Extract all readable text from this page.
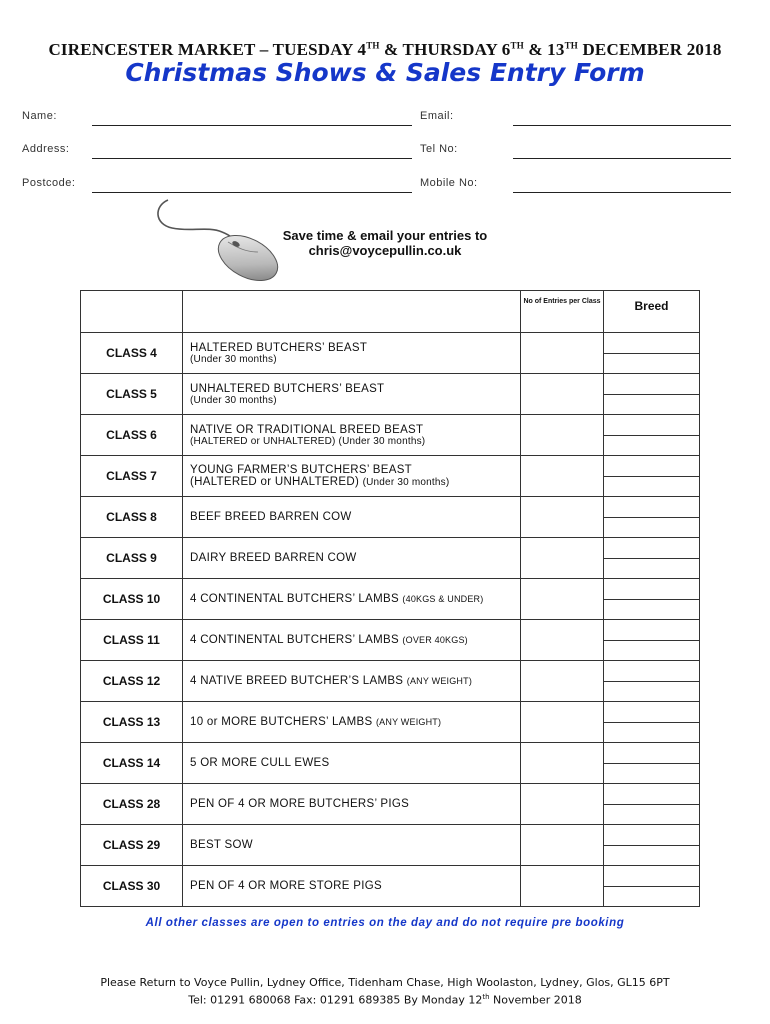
CIRENCESTER MARKET – TUESDAY 4TH & THURSDAY 6TH & 13TH DECEMBER 2018
Christmas Shows & Sales Entry Form
Name:	Email:
Address:	Tel No:
Postcode:	Mobile No:
Save time & email your entries to
chris@voycepullin.co.uk
		No of Entries per Class	Breed
CLASS 4	HALTERED BUTCHERS’ BEAST
(Under 30 months)		

CLASS 5	UNHALTERED BUTCHERS’ BEAST
(Under 30 months)		

CLASS 6	NATIVE OR TRADITIONAL BREED BEAST
(HALTERED or UNHALTERED) (Under 30 months)		

CLASS 7	YOUNG FARMER’S BUTCHERS’ BEAST
(HALTERED or UNHALTERED) (Under 30 months)		

CLASS 8	BEEF BREED BARREN COW		

CLASS 9	DAIRY BREED BARREN COW		

CLASS 10	4 CONTINENTAL BUTCHERS’ LAMBS (40KGS & UNDER)		

CLASS 11	4 CONTINENTAL BUTCHERS’ LAMBS (OVER 40KGS)		

CLASS 12	4 NATIVE BREED BUTCHER’S LAMBS (ANY WEIGHT)		

CLASS 13	10 or MORE BUTCHERS’ LAMBS (ANY WEIGHT)		

CLASS 14	5 OR MORE CULL EWES		

CLASS 28	PEN OF 4 OR MORE BUTCHERS’ PIGS		

CLASS 29	BEST SOW		

CLASS 30	PEN OF 4 OR MORE STORE PIGS		
All other classes are open to entries on the day and do not require pre booking
Please Return to Voyce Pullin, Lydney Office, Tidenham Chase, High Woolaston, Lydney, Glos, GL15 6PT
Tel: 01291 680068 Fax: 01291 689385 By Monday 12th November 2018
